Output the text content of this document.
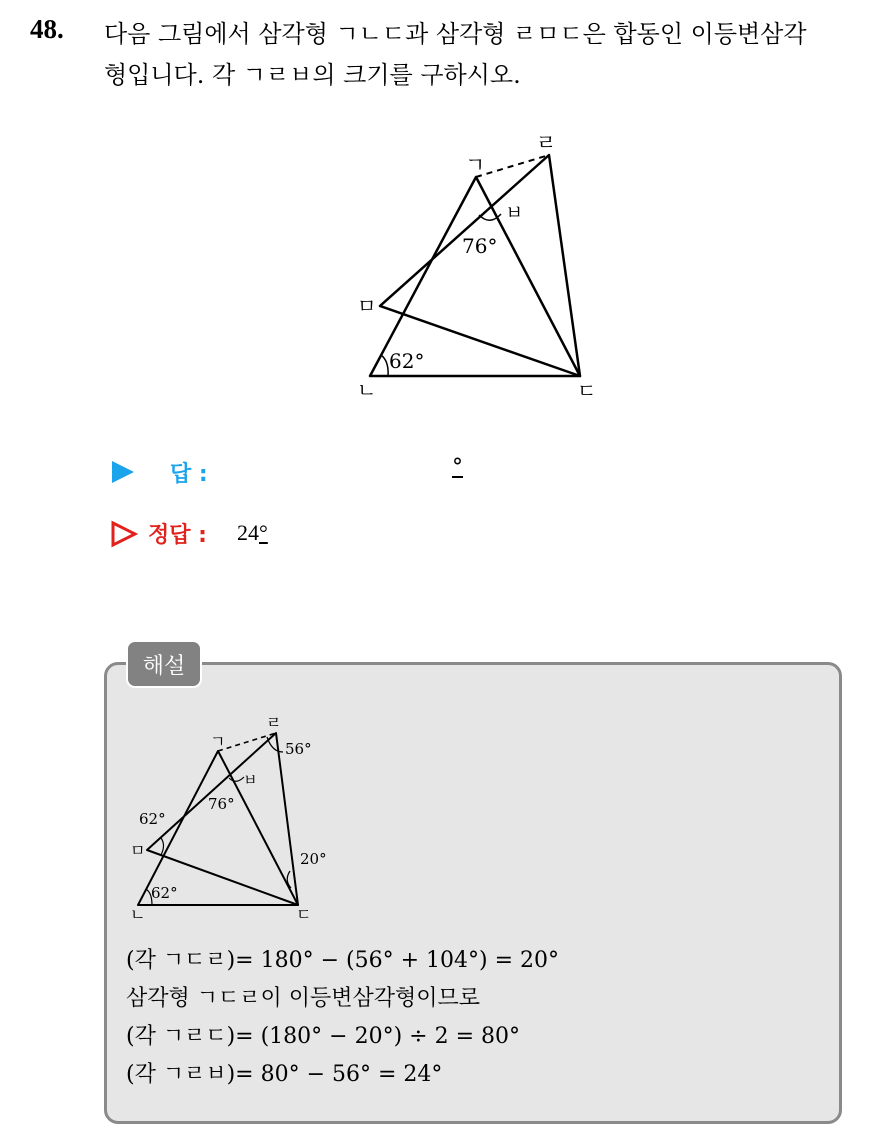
48. 다음 그림에서 삼각형 ㄱㄴㄷ과 삼각형 ㄹㅁㄷ은 합동인 이등변삼각
형입니다. 각 ㄱㄹㅂ의 크기를 구하시오.
ㄱ
ㄹ
ㅂ
ㅁ
ㄴ	ㄷ
76°
62°
답 :	°
정답 : 24°
해설
ㄱ
ㄹ
ㅂ
ㅁ
ㄴ	ㄷ
56°
76°
62°
62°
20°
(각 ㄱㄷㄹ)= 180° − (56° + 104°) = 20°
삼각형 ㄱㄷㄹ이 이등변삼각형이므로
(각 ㄱㄹㄷ)= (180° − 20°) ÷ 2 = 80°
(각 ㄱㄹㅂ)= 80° − 56° = 24°
